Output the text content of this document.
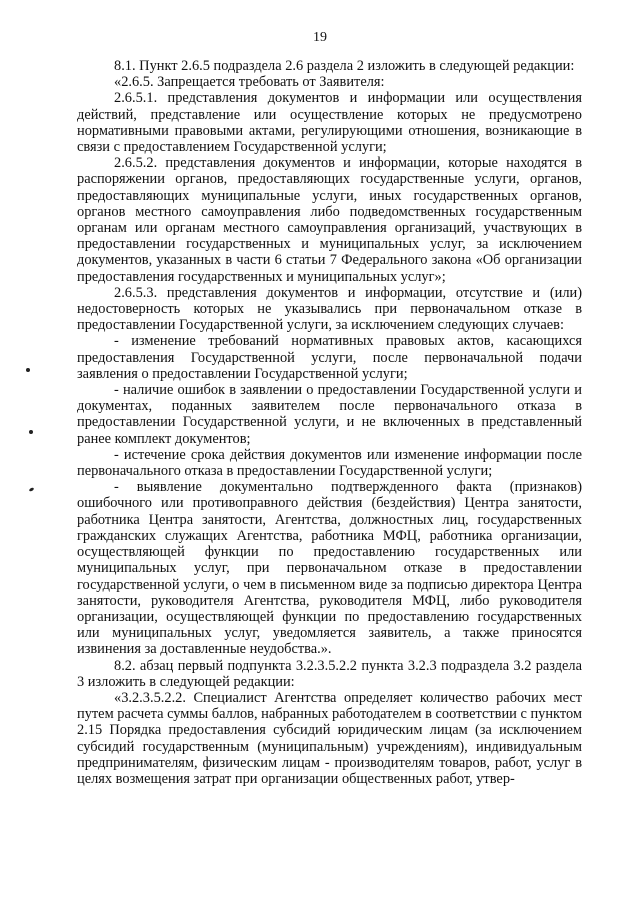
19

8.1. Пункт 2.6.5 подраздела 2.6 раздела 2 изложить в следующей редакции:

«2.6.5. Запрещается требовать от Заявителя:

2.6.5.1. представления документов и информации или осуществления действий, представление или осуществление которых не предусмотрено нормативными правовыми актами, регулирующими отношения, возникающие в связи с предоставлением Государственной услуги;

2.6.5.2. представления документов и информации, которые находятся в распоряжении органов, предоставляющих государственные услуги, органов, предоставляющих муниципальные услуги, иных государственных органов, органов местного самоуправления либо подведомственных государственным органам или органам местного самоуправления организаций, участвующих в предоставлении государственных и муниципальных услуг, за исключением документов, указанных в части 6 статьи 7 Федерального закона «Об организации предоставления государственных и муниципальных услуг»;

2.6.5.3. представления документов и информации, отсутствие и (или) недостоверность которых не указывались при первоначальном отказе в предоставлении Государственной услуги, за исключением следующих случаев:

- изменение требований нормативных правовых актов, касающихся предоставления Государственной услуги, после первоначальной подачи заявления о предоставлении Государственной услуги;

- наличие ошибок в заявлении о предоставлении Государственной услуги и документах, поданных заявителем после первоначального отказа в предоставлении Государственной услуги, и не включенных в представленный ранее комплект документов;

- истечение срока действия документов или изменение информации после первоначального отказа в предоставлении Государственной услуги;

- выявление документально подтвержденного факта (признаков) ошибочного или противоправного действия (бездействия) Центра занятости, работника Центра занятости, Агентства, должностных лиц, государственных гражданских служащих Агентства, работника МФЦ, работника организации, осуществляющей функции по предоставлению государственных или муниципальных услуг, при первоначальном отказе в предоставлении государственной услуги, о чем в письменном виде за подписью директора Центра занятости, руководителя Агентства, руководителя МФЦ, либо руководителя организации, осуществляющей функции по предоставлению государственных или муниципальных услуг, уведомляется заявитель, а также приносятся извинения за доставленные неудобства.».

8.2. абзац первый подпункта 3.2.3.5.2.2 пункта 3.2.3 подраздела 3.2 раздела 3 изложить в следующей редакции:

«3.2.3.5.2.2. Специалист Агентства определяет количество рабочих мест путем расчета суммы баллов, набранных работодателем в соответствии с пунктом 2.15 Порядка предоставления субсидий юридическим лицам (за исключением субсидий государственным (муниципальным) учреждениям), индивидуальным предпринимателям, физическим лицам - производителям товаров, работ, услуг в целях возмещения затрат при организации общественных работ, утвер-
